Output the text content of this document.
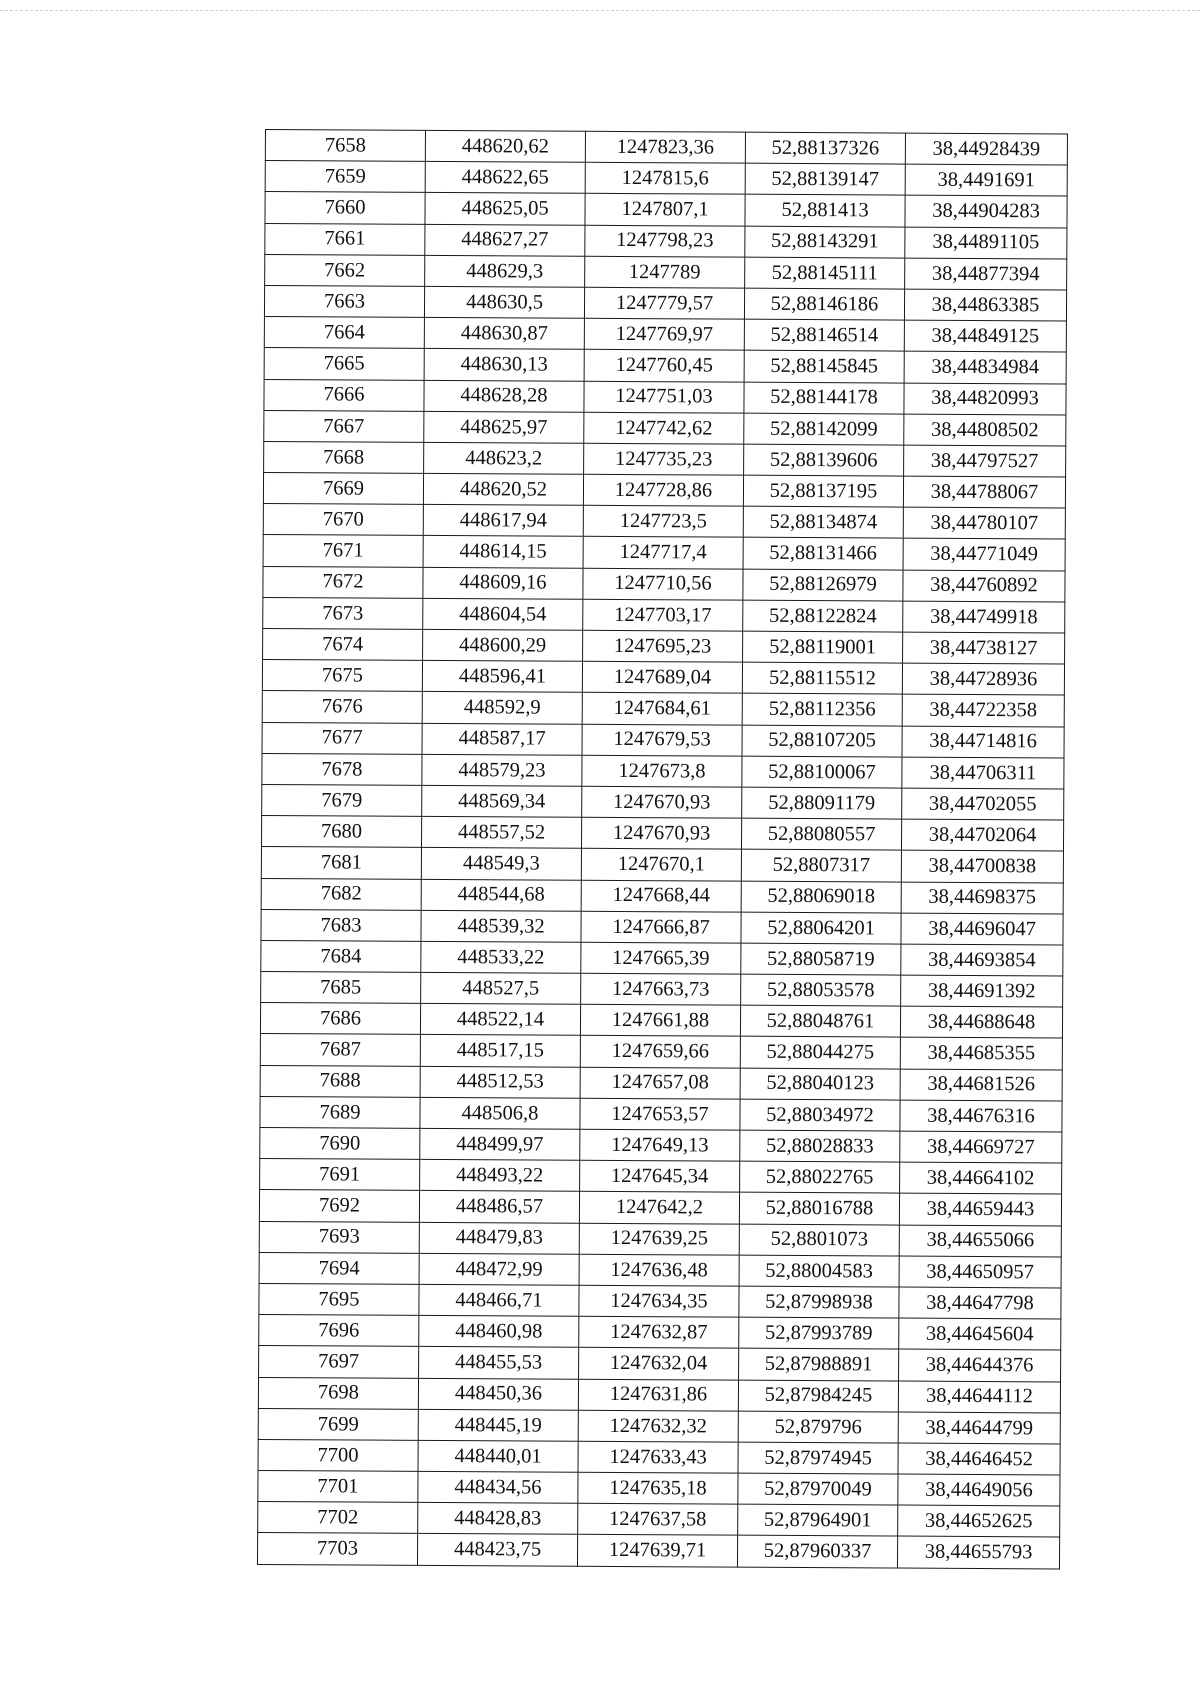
7658	448620,62	1247823,36	52,88137326	38,44928439
7659	448622,65	1247815,6	52,88139147	38,4491691
7660	448625,05	1247807,1	52,881413	38,44904283
7661	448627,27	1247798,23	52,88143291	38,44891105
7662	448629,3	1247789	52,88145111	38,44877394
7663	448630,5	1247779,57	52,88146186	38,44863385
7664	448630,87	1247769,97	52,88146514	38,44849125
7665	448630,13	1247760,45	52,88145845	38,44834984
7666	448628,28	1247751,03	52,88144178	38,44820993
7667	448625,97	1247742,62	52,88142099	38,44808502
7668	448623,2	1247735,23	52,88139606	38,44797527
7669	448620,52	1247728,86	52,88137195	38,44788067
7670	448617,94	1247723,5	52,88134874	38,44780107
7671	448614,15	1247717,4	52,88131466	38,44771049
7672	448609,16	1247710,56	52,88126979	38,44760892
7673	448604,54	1247703,17	52,88122824	38,44749918
7674	448600,29	1247695,23	52,88119001	38,44738127
7675	448596,41	1247689,04	52,88115512	38,44728936
7676	448592,9	1247684,61	52,88112356	38,44722358
7677	448587,17	1247679,53	52,88107205	38,44714816
7678	448579,23	1247673,8	52,88100067	38,44706311
7679	448569,34	1247670,93	52,88091179	38,44702055
7680	448557,52	1247670,93	52,88080557	38,44702064
7681	448549,3	1247670,1	52,8807317	38,44700838
7682	448544,68	1247668,44	52,88069018	38,44698375
7683	448539,32	1247666,87	52,88064201	38,44696047
7684	448533,22	1247665,39	52,88058719	38,44693854
7685	448527,5	1247663,73	52,88053578	38,44691392
7686	448522,14	1247661,88	52,88048761	38,44688648
7687	448517,15	1247659,66	52,88044275	38,44685355
7688	448512,53	1247657,08	52,88040123	38,44681526
7689	448506,8	1247653,57	52,88034972	38,44676316
7690	448499,97	1247649,13	52,88028833	38,44669727
7691	448493,22	1247645,34	52,88022765	38,44664102
7692	448486,57	1247642,2	52,88016788	38,44659443
7693	448479,83	1247639,25	52,8801073	38,44655066
7694	448472,99	1247636,48	52,88004583	38,44650957
7695	448466,71	1247634,35	52,87998938	38,44647798
7696	448460,98	1247632,87	52,87993789	38,44645604
7697	448455,53	1247632,04	52,87988891	38,44644376
7698	448450,36	1247631,86	52,87984245	38,44644112
7699	448445,19	1247632,32	52,879796	38,44644799
7700	448440,01	1247633,43	52,87974945	38,44646452
7701	448434,56	1247635,18	52,87970049	38,44649056
7702	448428,83	1247637,58	52,87964901	38,44652625
7703	448423,75	1247639,71	52,87960337	38,44655793
